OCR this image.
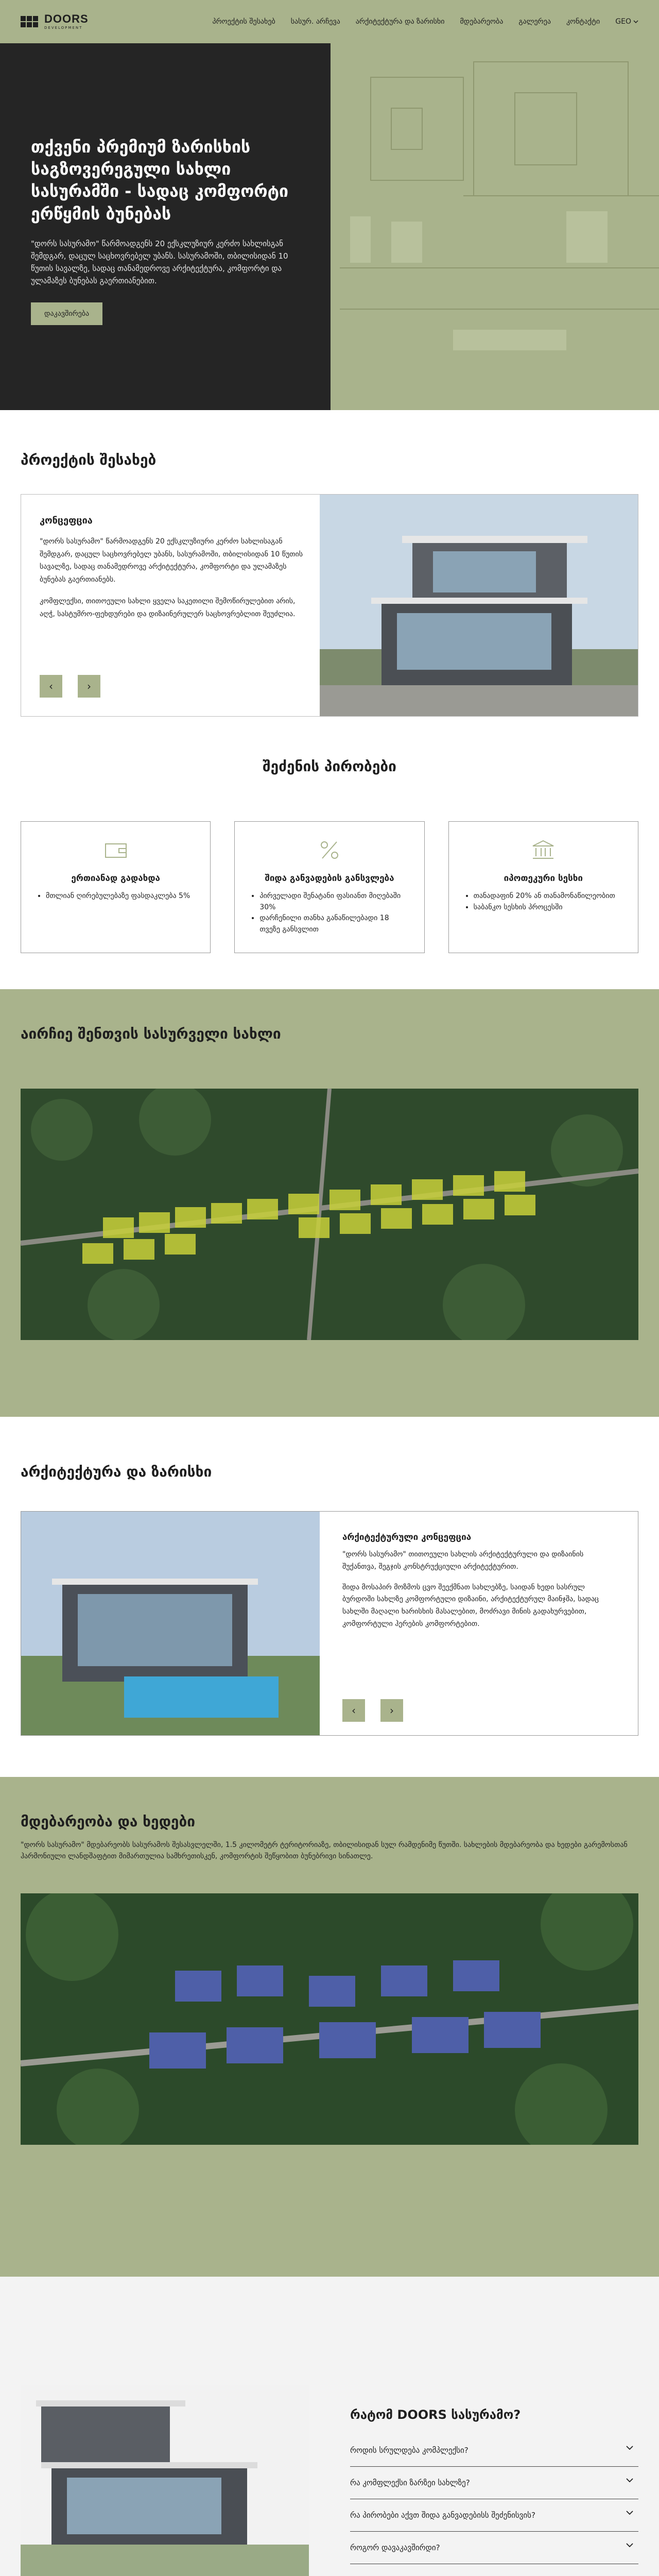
DOORS
DEVELOPMENT
პროექტის შესახებ სასურ. არჩევა არქიტექტურა და ზარისხი მდებარეობა გალერეა კონტაქტი GEO
თქვენი პრემიუმ ზარისხის საგზოვერეგული სახლი სასურამში - სადაც კომფორტი ერწყმის ბუნებას

"დორს სასურამო" წარმოადგენს 20 ექსკლუზიურ კერძო სახლისგან შემდგარ, დაცულ საცხოვრებელ უბანს. სასურამოში, თბილისიდან 10 წუთის სავალზე, სადაც თანამედროვე არქიტექტურა, კომფორტი და ულამაზეს ბუნებას გაერთიანებით.

დაკავშირება
პროექტის შესახებ
კონცეფცია

"დორს სასურამო" წარმოადგენს 20 ექსკლუზიური კერძო სახლისაგან შემდგარ, დაცულ საცხოვრებელ უბანს, სასურამოში, თბილისიდან 10 წუთის სავალზე, სადაც თანამედროვე არქიტექტურა, კომფორტი და ულამაზეს ბუნებას გაერთიანებს.

კომფლექსი, თითოეული სახლი ყველა საკეთილი შემოწირულებით არის, აღჭ, სასტუმრო-ფეხდურები და დიზაინერულერ საცხოვრებლით შეუძლია.

‹	›
შეძენის პირობები
ერთიანად გადახდა
• მთლიან ღირებულებაზე ფასდაკლება 5%
შიდა განვადების განსვლება
• პირველადი შენატანი ფასიანთ მიღებაში 30%
• დარჩენილი თანხა განაწილებადი 18 თვეზე განსვლით
იპოთეკური სესხი
• თანადაფინ 20% ან თანამონაწილეობით
• საბანკო სესხის პროცესში
აირჩიე შენთვის სასურველი სახლი
არქიტექტურა და ზარისხი
არქიტექტურული კონცეფცია

"დორს სასურამო" თითოეული სახლის არქიტექტურული და დიზაინის შუქანთვა, შეგჯის კონსტრუქციული არქიტექტურით.

შიდა მოსაპირ მოზმოს ცვო შეექმნათ სახლებზე, საიდან ხედი სასრულ ბურდოში სახლზე კომფორტული დიზაინი, არქიტექტურულ მაინჯშა, სადაც სახლში მაღალი ხარისხის მასალებით, მოძრავი მინის გადახურვებით, კომფორტული ჰერების კომფორტებით.

‹	›
მდებარეობა და ხედები

"დორს სასურამო" მდებარეობს სასურამოს შესასვლელში, 1.5 კილომეტრ ტერიტორიაზე, თბილისიდან სულ რამდენიმე წუთში. სახლების მდებარეობა და ხედები გარემოსთან ჰარმონიული ლანდშაფტით მიმართულია სამხრეთისკენ, კომფორტის შეწყობით ბუნებრივი სინათლე.

რატომ DOORS სასურამო?
როდის სრულდება კომპლექსი?
რა კომფლექსი ზარზეი სახლზე?
რა პირობები აქვთ შიდა განვადებისს შეძენისვის?
როგორ დავაკავშირდი?
